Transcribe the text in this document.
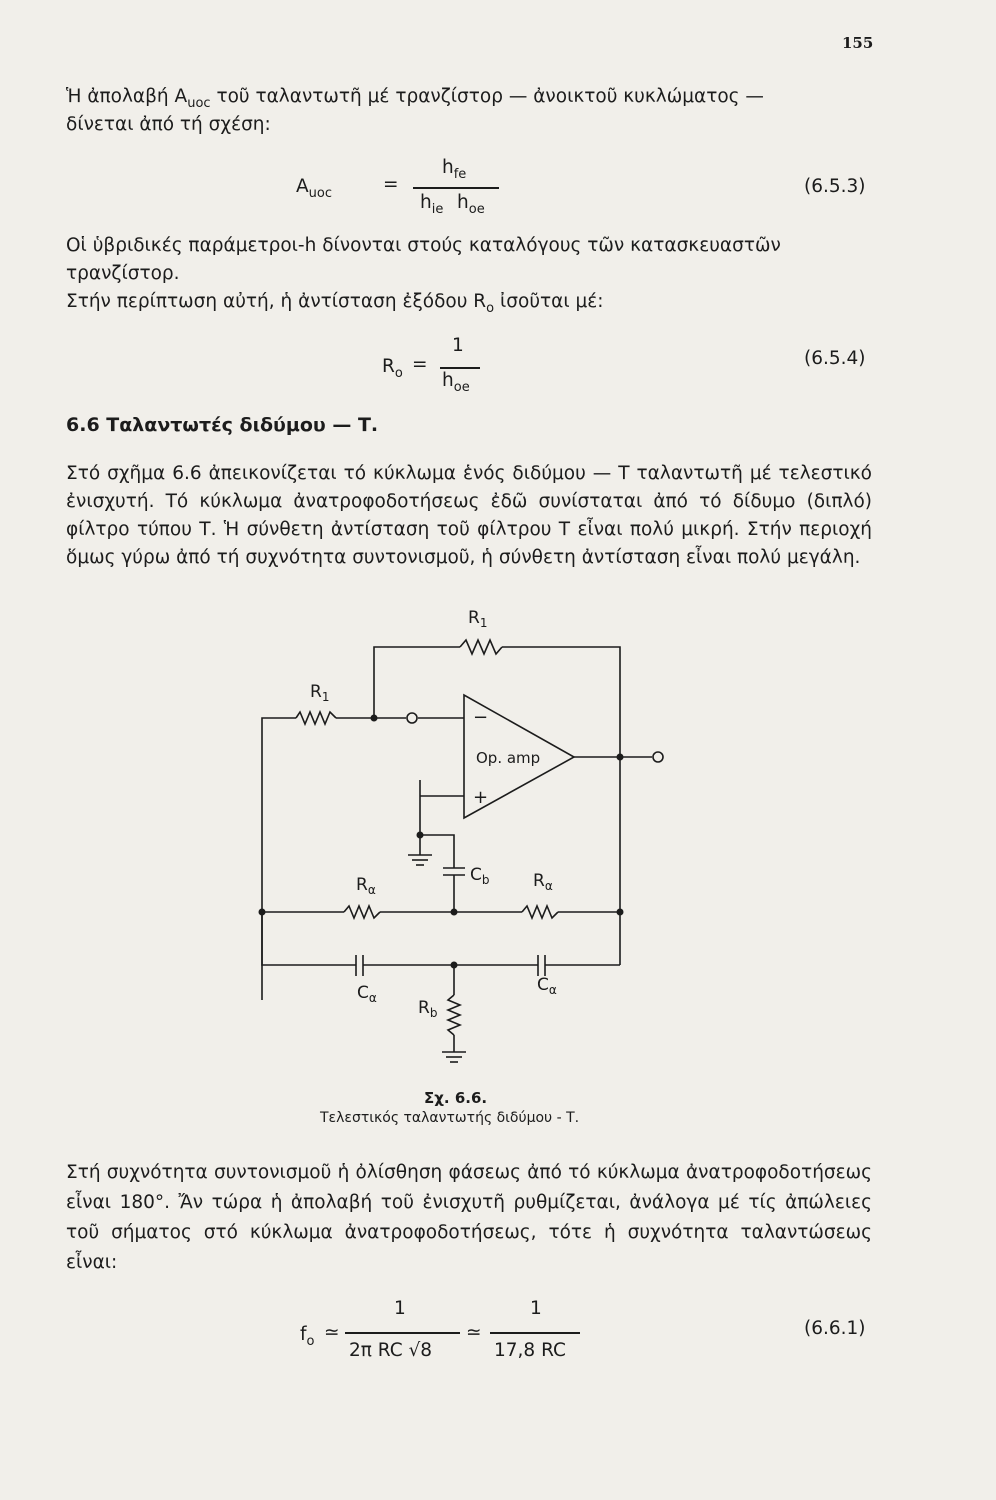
155
Ἡ ἀπολαβή $A_{uoc}$ τοῦ ταλαντωτῆ μέ τρανζίστορ — ἀνοικτοῦ κυκλώματος —
δίνεται ἀπό τή σχέση:
$A_{uoc}$	=
$h_{fe}$
$h_{ie}$ $h_{oe}$
(6.5.3)
Οἱ ὑβριδικές παράμετροι-h δίνονται στούς καταλόγους τῶν κατασκευαστῶν
τρανζίστορ.
Στήν περίπτωση αὐτή, ἡ ἀντίσταση ἐξόδου $R_o$ ἰσοῦται μέ:
$R_o$ =
1
$h_{oe}$
(6.5.4)
6.6 Ταλαντωτές διδύμου — Τ.
Στό σχῆμα 6.6 ἀπεικονίζεται τό κύκλωμα ἑνός διδύμου — Τ ταλαντωτῆ μέ τελεστικό ἐνισχυτή. Τό κύκλωμα ἀνατροφοδοτήσεως ἐδῶ συνίσταται ἀπό τό δίδυμο (διπλό) φίλτρο τύπου Τ. Ἡ σύνθετη ἀντίσταση τοῦ φίλτρου Τ εἶναι πολύ μικρή. Στήν περιοχή ὅμως γύρω ἀπό τή συχνότητα συντονισμοῦ, ἡ σύνθετη ἀντίσταση εἶναι πολύ μεγάλη.
$R_1$
$R_1$
−
+
Op. amp
$C_b$
$R_\alpha$	$R_\alpha$
$C_\alpha$
$C_\alpha$
$R_b$
Σχ. 6.6.
Τελεστικός ταλαντωτής διδύμου - Τ.
Στή συχνότητα συντονισμοῦ ἡ ὀλίσθηση φάσεως ἀπό τό κύκλωμα ἀνατροφοδοτήσεως εἶναι 180°. Ἄν τώρα ἡ ἀπολαβή τοῦ ἐνισχυτῆ ρυθμίζεται, ἀνάλογα μέ τίς ἀπώλειες τοῦ σήματος στό κύκλωμα ἀνατροφοδοτήσεως, τότε ἡ συχνότητα ταλαντώσεως εἶναι:
$f_o$ ≃
1
2π RC √8
≃
1
17,8 RC
(6.6.1)
